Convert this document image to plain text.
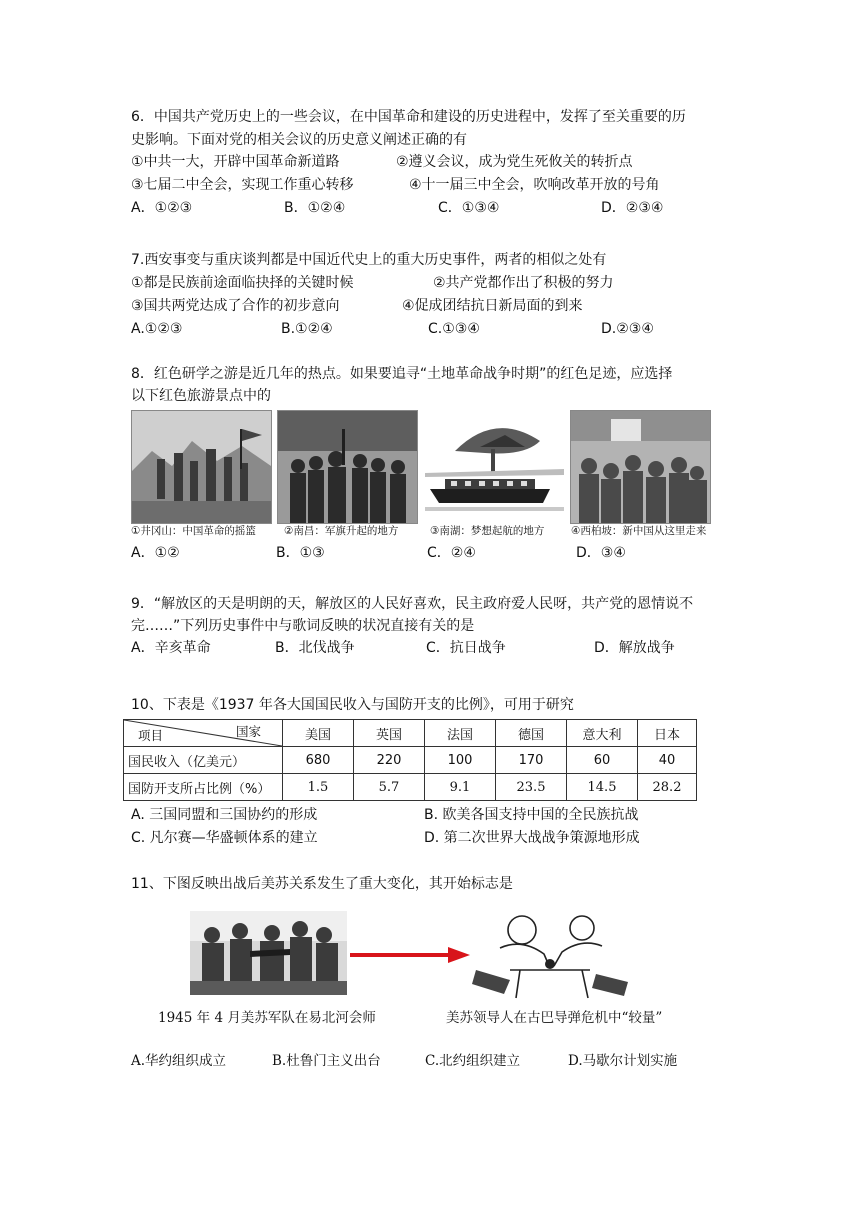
6．中国共产党历史上的一些会议，在中国革命和建设的历史进程中，发挥了至关重要的历
史影响。下面对党的相关会议的历史意义阐述正确的有
①中共一大，开辟中国革命新道路	②遵义会议，成为党生死攸关的转折点
③七届二中全会，实现工作重心转移	④十一届三中全会，吹响改革开放的号角
A．①②③	B．①②④	C．①③④	D．②③④
7.西安事变与重庆谈判都是中国近代史上的重大历史事件，两者的相似之处有
①都是民族前途面临抉择的关键时候	②共产党都作出了积极的努力
③国共两党达成了合作的初步意向	④促成团结抗日新局面的到来
A.①②③	B.①②④	C.①③④	D.②③④
8．红色研学之游是近几年的热点。如果要追寻“土地革命战争时期”的红色足迹，应选择
以下红色旅游景点中的
①井冈山：中国革命的摇篮	②南昌：军旗升起的地方	③南湖：梦想起航的地方	④西柏坡：新中国从这里走来
A．①②	B．①③	C．②④	D．③④
9．“解放区的天是明朗的天，解放区的人民好喜欢，民主政府爱人民呀，共产党的恩情说不
完……”下列历史事件中与歌词反映的状况直接有关的是
A．辛亥革命	B．北伐战争	C．抗日战争	D．解放战争
10、下表是《1937 年各大国国民收入与国防开支的比例》，可用于研究
项目 国家	美国	英国	法国	德国	意大利	日本
国民收入（亿美元）	680	220	100	170	60	40
国防开支所占比例（%）	1.5	5.7	9.1	23.5	14.5	28.2
A. 三国同盟和三国协约的形成	B. 欧美各国支持中国的全民族抗战
C. 凡尔赛—华盛顿体系的建立	D. 第二次世界大战战争策源地形成
11、下图反映出战后美苏关系发生了重大变化，其开始标志是
1945 年 4 月美苏军队在易北河会师	美苏领导人在古巴导弹危机中“较量”
A.华约组织成立	B.杜鲁门主义出台	C.北约组织建立	D.马歇尔计划实施
